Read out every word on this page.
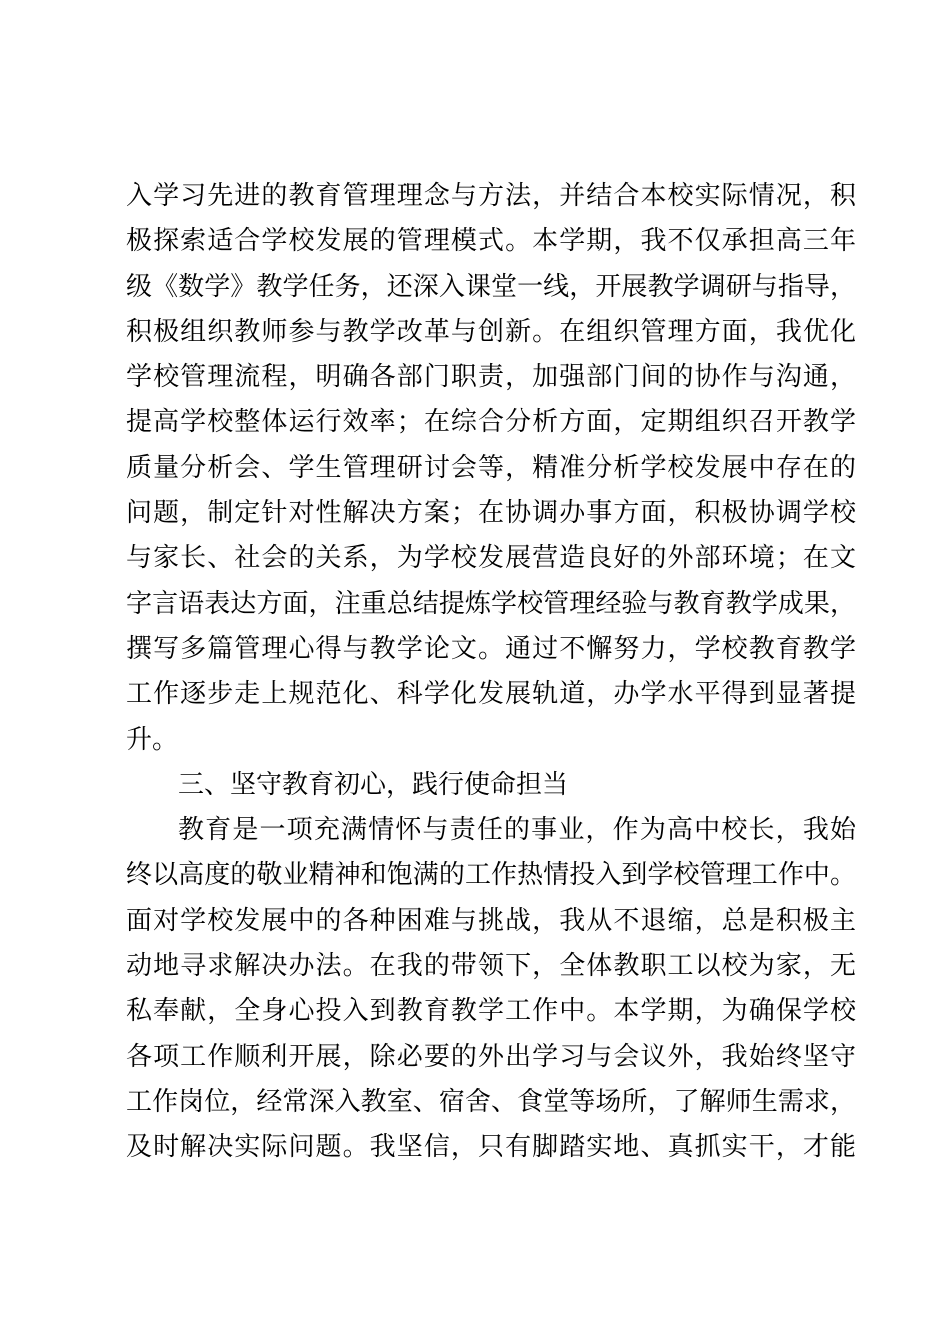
入学习先进的教育管理理念与方法，并结合本校实际情况，积
极探索适合学校发展的管理模式。本学期，我不仅承担高三年
级《数学》教学任务，还深入课堂一线，开展教学调研与指导，
积极组织教师参与教学改革与创新。在组织管理方面，我优化
学校管理流程，明确各部门职责，加强部门间的协作与沟通，
提高学校整体运行效率；在综合分析方面，定期组织召开教学
质量分析会、学生管理研讨会等，精准分析学校发展中存在的
问题，制定针对性解决方案；在协调办事方面，积极协调学校
与家长、社会的关系，为学校发展营造良好的外部环境；在文
字言语表达方面，注重总结提炼学校管理经验与教育教学成果，
撰写多篇管理心得与教学论文。通过不懈努力，学校教育教学
工作逐步走上规范化、科学化发展轨道，办学水平得到显著提
升。
三、坚守教育初心，践行使命担当
教育是一项充满情怀与责任的事业，作为高中校长，我始
终以高度的敬业精神和饱满的工作热情投入到学校管理工作中。
面对学校发展中的各种困难与挑战，我从不退缩，总是积极主
动地寻求解决办法。在我的带领下，全体教职工以校为家，无
私奉献，全身心投入到教育教学工作中。本学期，为确保学校
各项工作顺利开展，除必要的外出学习与会议外，我始终坚守
工作岗位，经常深入教室、宿舍、食堂等场所，了解师生需求，
及时解决实际问题。我坚信，只有脚踏实地、真抓实干，才能
